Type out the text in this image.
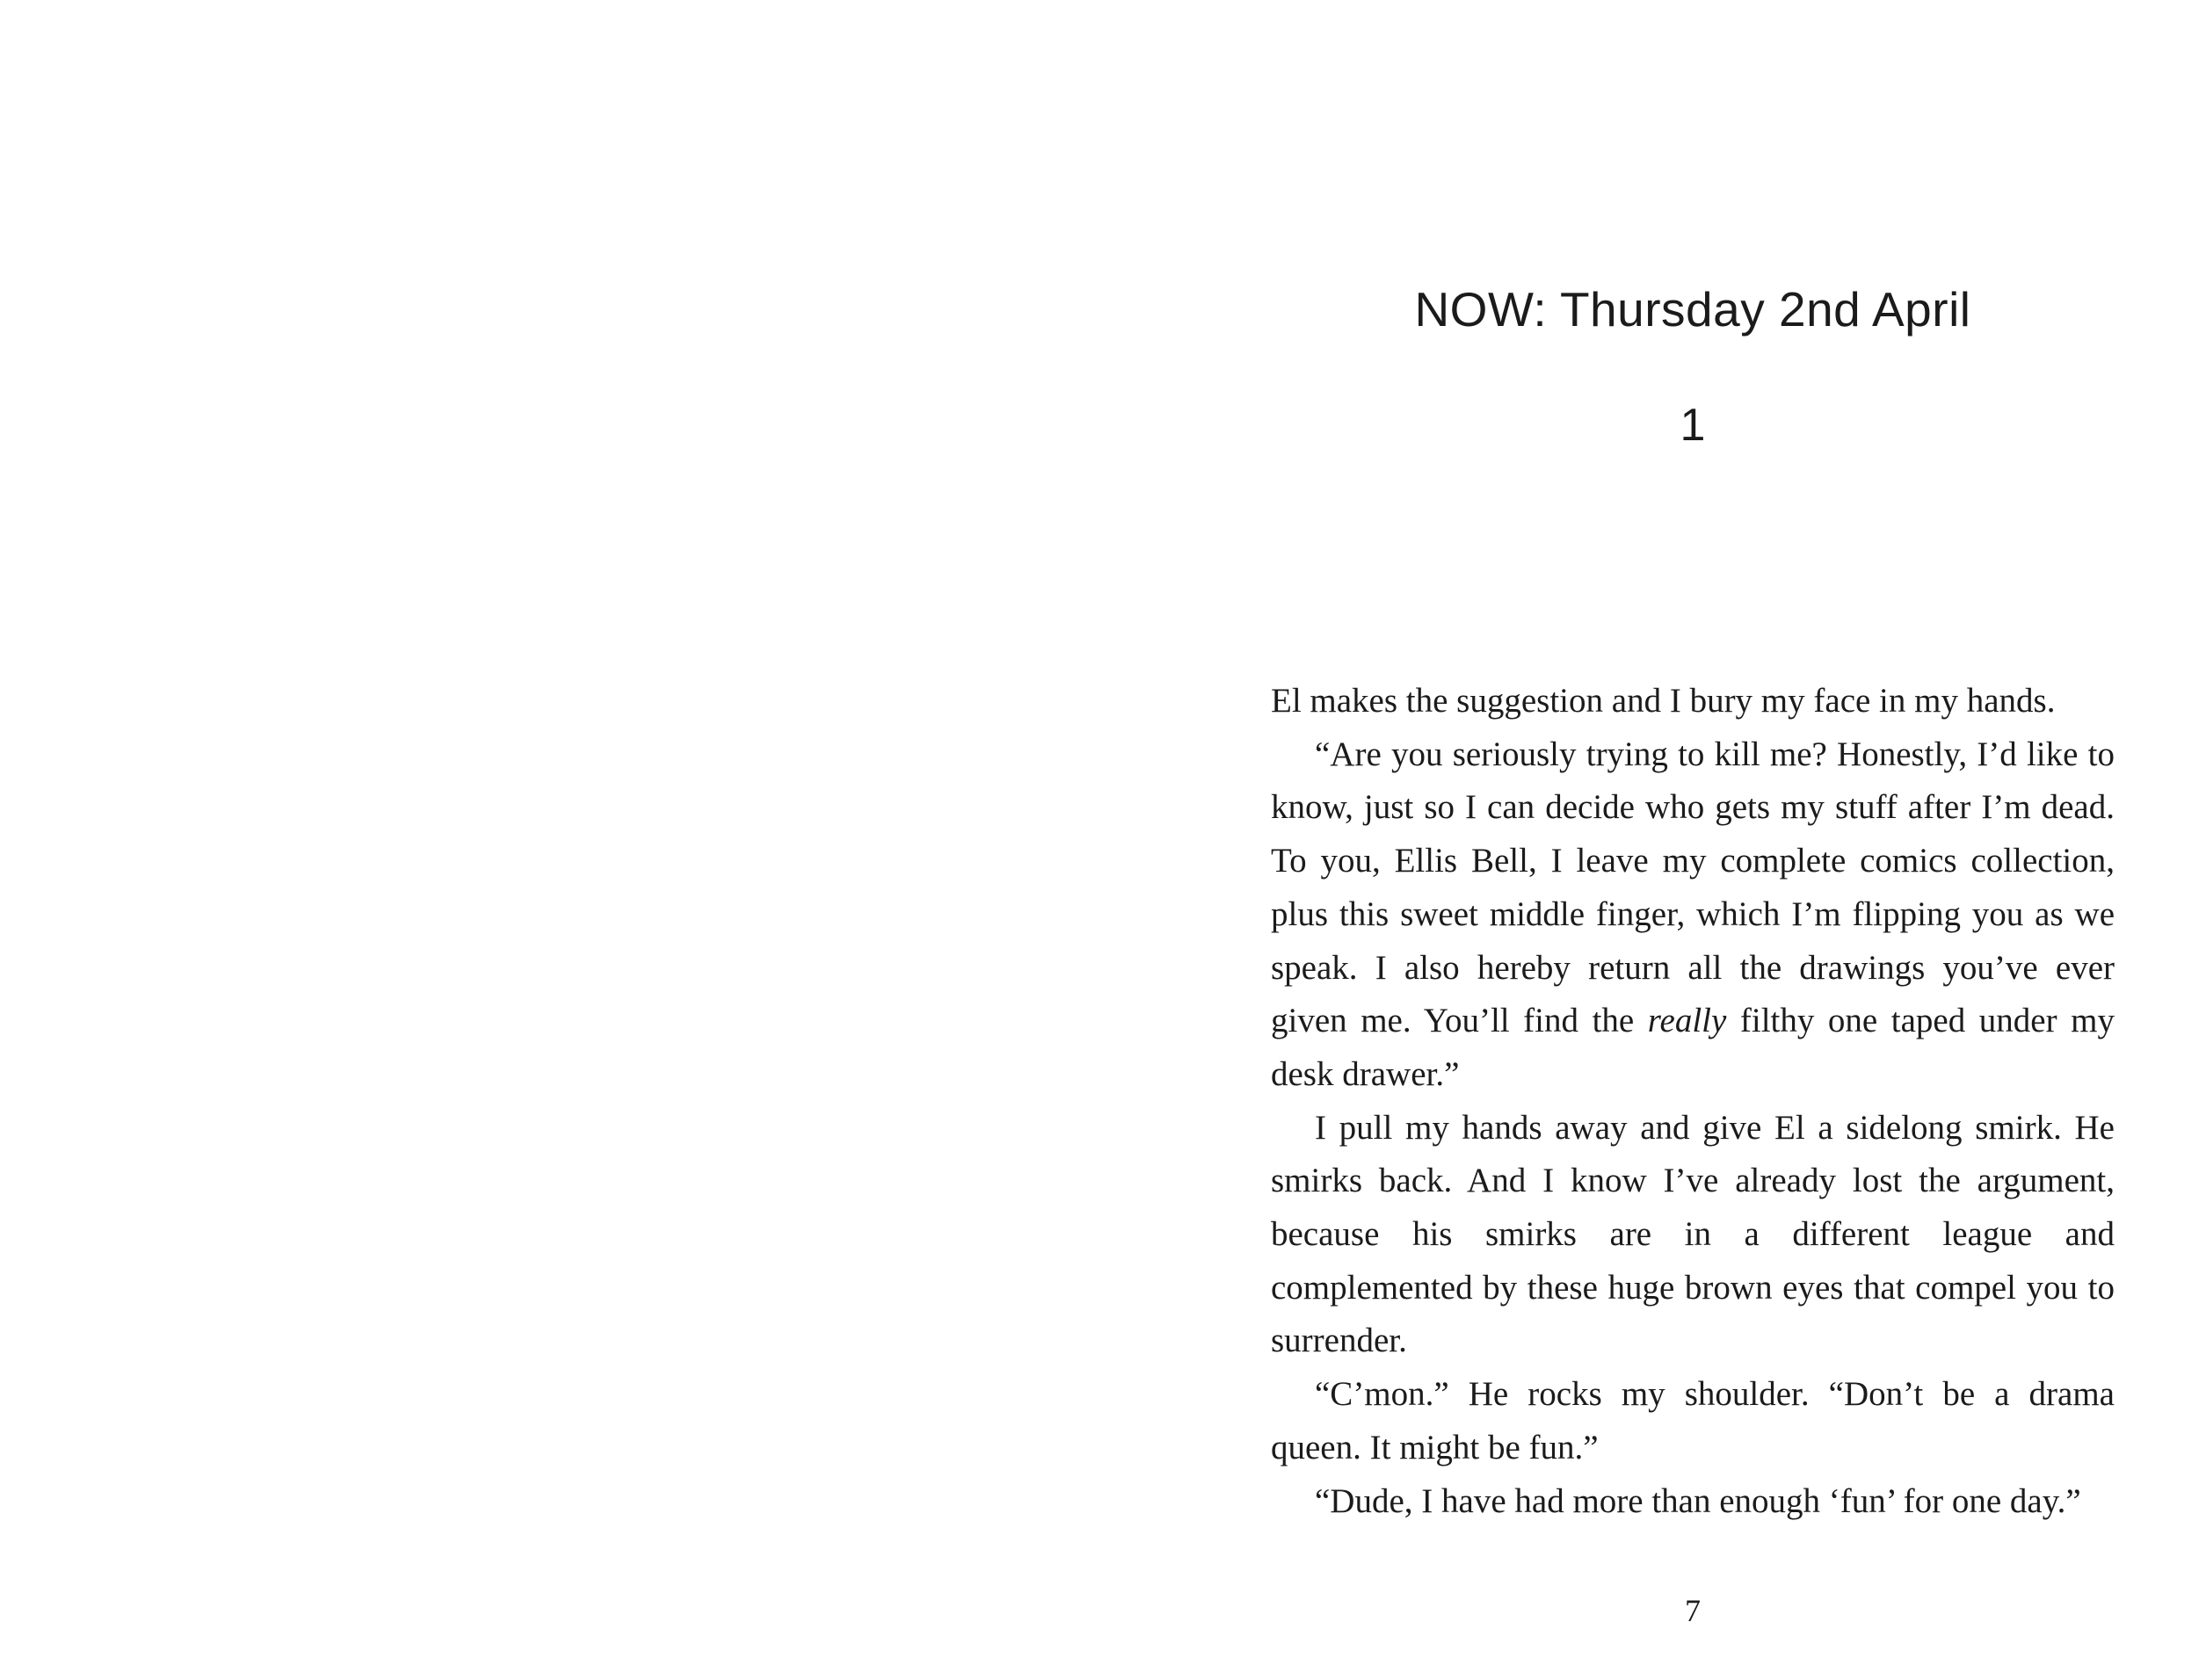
NOW: Thursday 2nd April
1

El makes the suggestion and I bury my face in my hands.

“Are you seriously trying to kill me? Honestly, I’d like to know, just so I can decide who gets my stuff after I’m dead. To you, Ellis Bell, I leave my complete comics collection, plus this sweet middle finger, which I’m flipping you as we speak. I also hereby return all the drawings you’ve ever given me. You’ll find the really filthy one taped under my desk drawer.”

I pull my hands away and give El a sidelong smirk. He smirks back. And I know I’ve already lost the argument, because his smirks are in a different league and complemented by these huge brown eyes that compel you to surrender.

“C’mon.” He rocks my shoulder. “Don’t be a drama queen. It might be fun.”

“Dude, I have had more than enough ‘fun’ for one day.”

7
